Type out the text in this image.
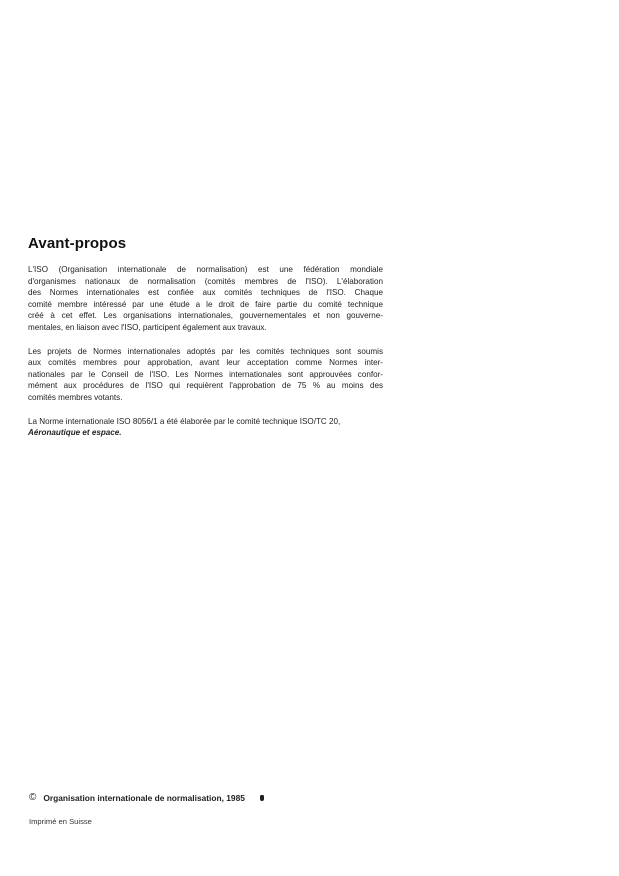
Avant-propos

L'ISO (Organisation internationale de normalisation) est une fédération mondiale
d'organismes nationaux de normalisation (comités membres de l'ISO). L'élaboration
des Normes internationales est confiée aux comités techniques de l'ISO. Chaque
comité membre intéressé par une étude a le droit de faire partie du comité technique
créé à cet effet. Les organisations internationales, gouvernementales et non gouverne-
mentales, en liaison avec l'ISO, participent également aux travaux.

Les projets de Normes internationales adoptés par les comités techniques sont soumis
aux comités membres pour approbation, avant leur acceptation comme Normes inter-
nationales par le Conseil de l'ISO. Les Normes internationales sont approuvées confor-
mément aux procédures de l'ISO qui requièrent l'approbation de 75 % au moins des
comités membres votants.

La Norme internationale ISO 8056/1 a été élaborée par le comité technique ISO/TC 20,
Aéronautique et espace.

© Organisation internationale de normalisation, 1985
Imprimé en Suisse
